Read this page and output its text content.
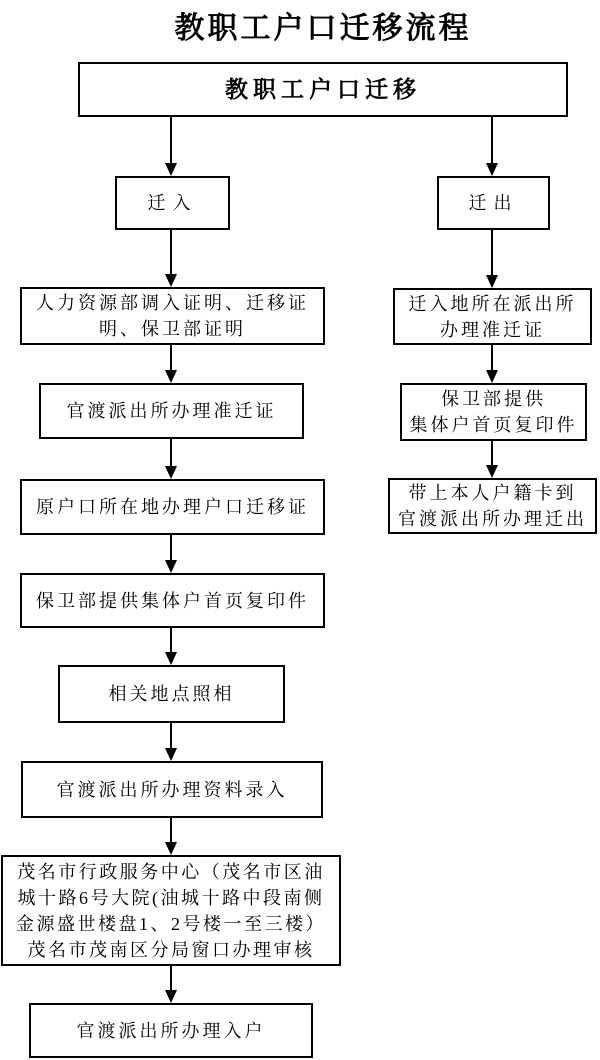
教职工户口迁移流程
教职工户口迁移
迁入	迁出
人力资源部调入证明、迁移证
明、保卫部证明
官渡派出所办理准迁证
原户口所在地办理户口迁移证
保卫部提供集体户首页复印件
相关地点照相
官渡派出所办理资料录入
茂名市行政服务中心（茂名市区油
城十路6号大院(油城十路中段南侧
金源盛世楼盘1、2号楼一至三楼）
茂名市茂南区分局窗口办理审核
官渡派出所办理入户
迁入地所在派出所
办理准迁证
保卫部提供
集体户首页复印件
带上本人户籍卡到
官渡派出所办理迁出
